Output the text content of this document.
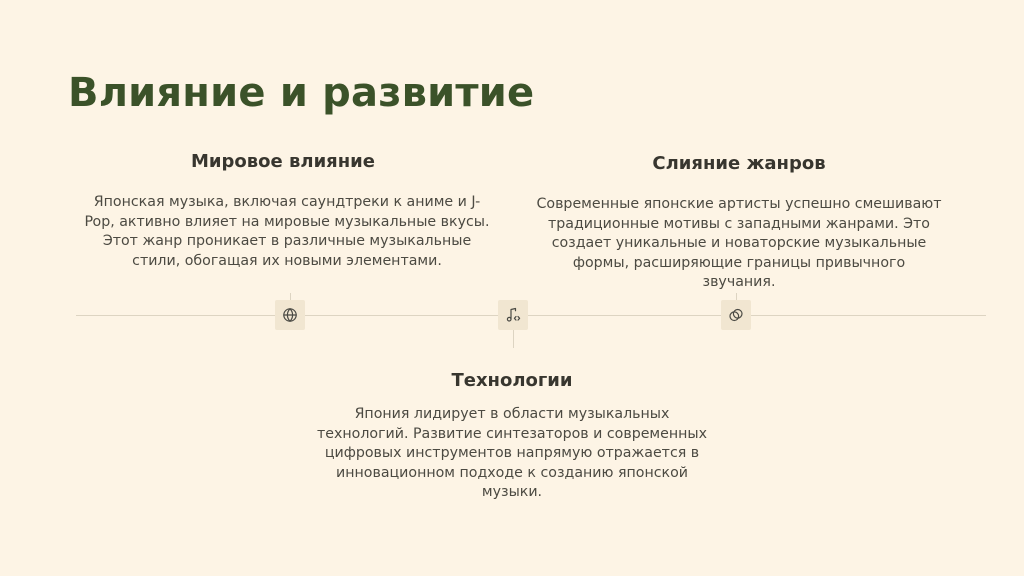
Влияние и развитие
Мировое влияние

Японская музыка, включая саундтреки к аниме и J-Pop, активно влияет на мировые музыкальные вкусы. Этот жанр проникает в различные музыкальные стили, обогащая их новыми элементами.

Слияние жанров

Современные японские артисты успешно смешивают традиционные мотивы с западными жанрами. Это создает уникальные и новаторские музыкальные формы, расширяющие границы привычного звучания.

Технологии

Япония лидирует в области музыкальных технологий. Развитие синтезаторов и современных цифровых инструментов напрямую отражается в инновационном подходе к созданию японской музыки.
